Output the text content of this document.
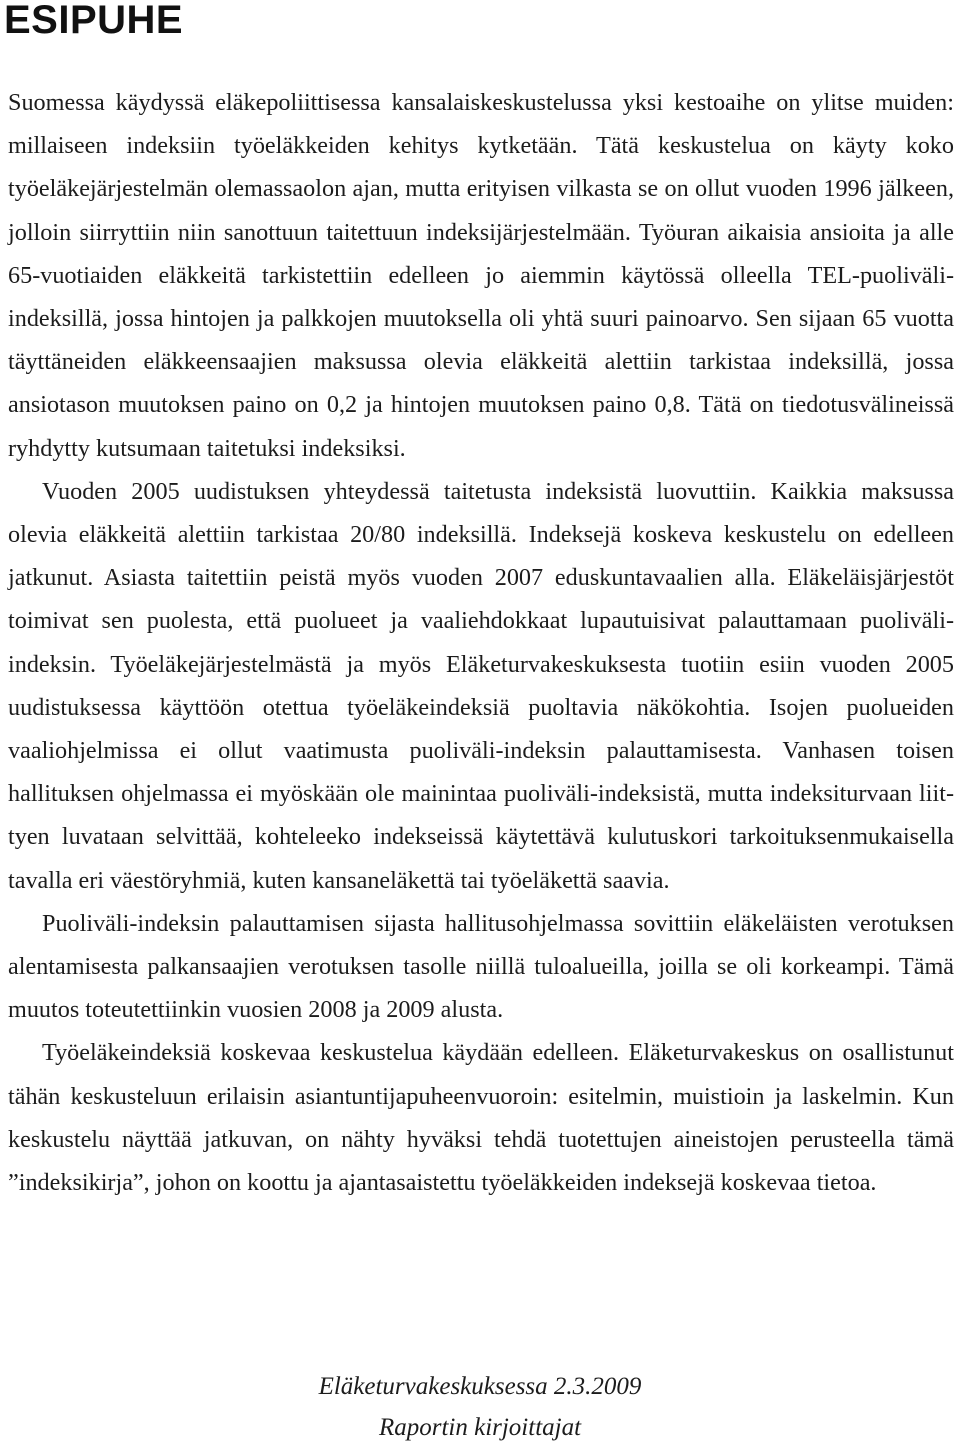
ESIPUHE

Suomessa käydyssä eläkepoliittisessa kansalaiskeskustelussa yksi kestoaihe on ylitse muiden: millaiseen indeksiin työeläkkeiden kehitys kytketään. Tätä keskustelua on käyty koko työeläkejärjestelmän olemassaolon ajan, mutta erityisen vilkasta se on ollut vuoden 1996 jälkeen, jolloin siirryttiin niin sanottuun taitettuun indeksijärjestelmään. Työuran aikaisia ansioita ja alle 65-vuotiaiden eläkkeitä tarkistettiin edelleen jo aiemmin käytössä olleella TEL-puoliväli-indeksillä, jossa hintojen ja palkkojen muutoksella oli yhtä suuri painoarvo. Sen sijaan 65 vuotta täyttäneiden eläkkeensaajien maksussa olevia eläkkeitä alettiin tarkistaa indeksillä, jossa ansiotason muutoksen paino on 0,2 ja hintojen muutoksen paino 0,8. Tätä on tiedotusvälineissä ryhdytty kutsumaan taitetuksi indeksiksi.

Vuoden 2005 uudistuksen yhteydessä taitetusta indeksistä luovuttiin. Kaikkia maksussa olevia eläkkeitä alettiin tarkistaa 20/80 indeksillä. Indeksejä koskeva keskustelu on edelleen jatkunut. Asiasta taitettiin peistä myös vuoden 2007 eduskuntavaalien alla. Eläkeläisjärjestöt toimivat sen puolesta, että puolueet ja vaaliehdokkaat lupautuisivat palauttamaan puoliväli-indeksin. Työeläkejärjestelmästä ja myös Eläketurvakeskuksesta tuotiin esiin vuoden 2005 uudistuksessa käyttöön otettua työeläkeindeksiä puoltavia näkökohtia. Isojen puolueiden vaaliohjelmissa ei ollut vaatimusta puoliväli-indeksin palauttamisesta. Vanhasen toisen hallituksen ohjelmassa ei myöskään ole mainintaa puoliväli-indeksistä, mutta indeksiturvaan liittyen luvataan selvittää, kohteleeko indekseissä käytettävä kulutuskori tarkoituksenmukaisella tavalla eri väestöryhmiä, kuten kansaneläkettä tai työeläkettä saavia.

Puoliväli-indeksin palauttamisen sijasta hallitusohjelmassa sovittiin eläkeläisten verotuksen alentamisesta palkansaajien verotuksen tasolle niillä tuloalueilla, joilla se oli korkeampi. Tämä muutos toteutettiinkin vuosien 2008 ja 2009 alusta.

Työeläkeindeksiä koskevaa keskustelua käydään edelleen. Eläketurvakeskus on osallistunut tähän keskusteluun erilaisin asiantuntijapuheenvuoroin: esitelmin, muistioin ja laskelmin. Kun keskustelu näyttää jatkuvan, on nähty hyväksi tehdä tuotettujen aineistojen perusteella tämä ”indeksikirja”, johon on koottu ja ajantasaistettu työeläkkeiden indeksejä koskevaa tietoa.

Eläketurvakeskuksessa 2.3.2009
Raportin kirjoittajat
